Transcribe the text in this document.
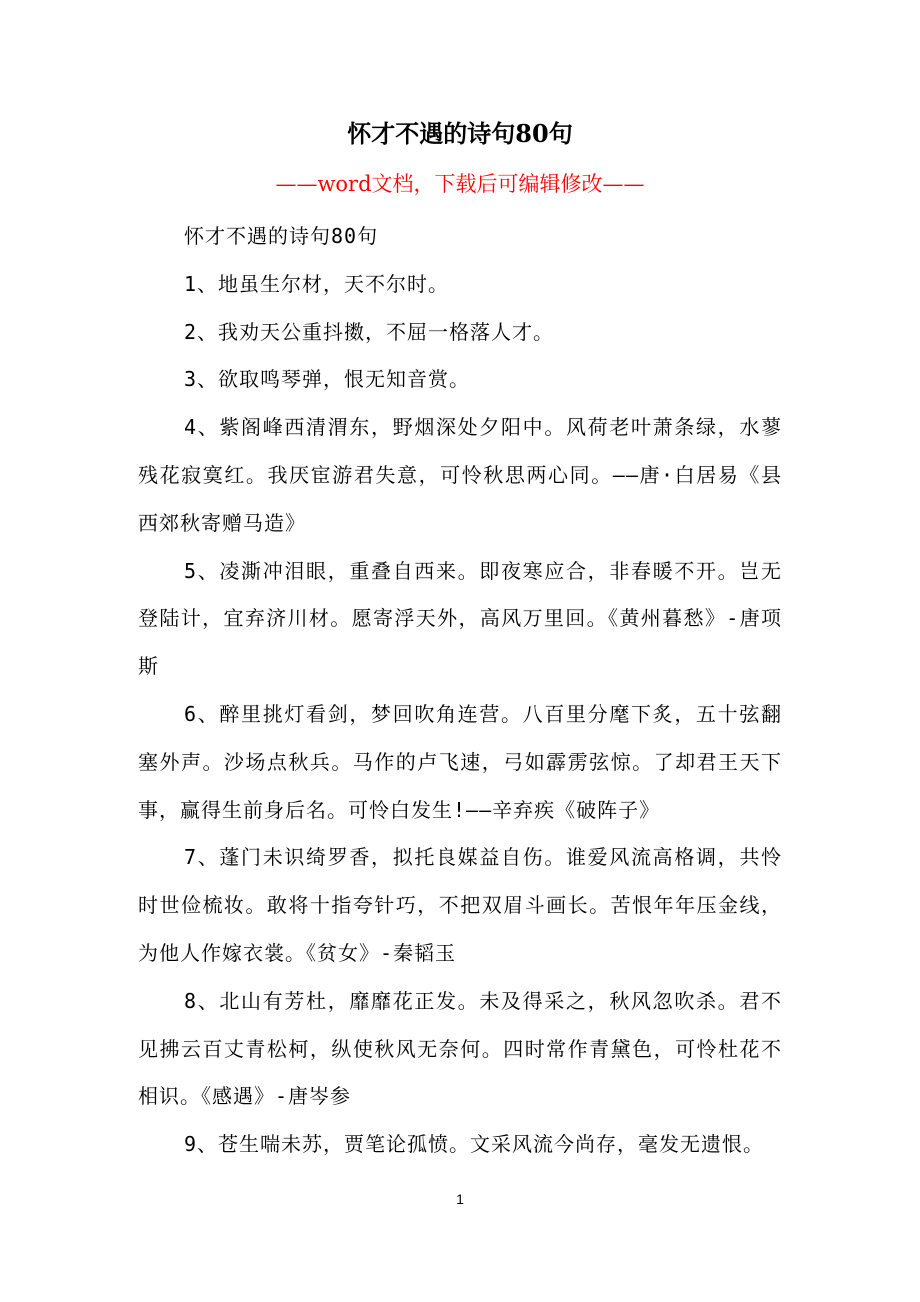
怀才不遇的诗句80句
——word文档，下载后可编辑修改——

怀才不遇的诗句80句

1、地虽生尔材，天不尔时。

2、我劝天公重抖擞，不屈一格落人才。

3、欲取鸣琴弹，恨无知音赏。

4、紫阁峰西清渭东，野烟深处夕阳中。风荷老叶萧条绿，水蓼残花寂寞红。我厌宦游君失意，可怜秋思两心同。——唐·白居易《县西郊秋寄赠马造》

5、凌澌冲泪眼，重叠自西来。即夜寒应合，非春暖不开。岂无登陆计，宜弃济川材。愿寄浮天外，高风万里回。《黄州暮愁》-唐项斯

6、醉里挑灯看剑，梦回吹角连营。八百里分麾下炙，五十弦翻塞外声。沙场点秋兵。马作的卢飞速，弓如霹雳弦惊。了却君王天下事，赢得生前身后名。可怜白发生!——辛弃疾《破阵子》

7、蓬门未识绮罗香，拟托良媒益自伤。谁爱风流高格调，共怜时世俭梳妆。敢将十指夸针巧，不把双眉斗画长。苦恨年年压金线，为他人作嫁衣裳。《贫女》-秦韬玉

8、北山有芳杜，靡靡花正发。未及得采之，秋风忽吹杀。君不见拂云百丈青松柯，纵使秋风无奈何。四时常作青黛色，可怜杜花不相识。《感遇》-唐岑参

9、苍生喘未苏，贾笔论孤愤。文采风流今尚存，毫发无遗恨。

1
